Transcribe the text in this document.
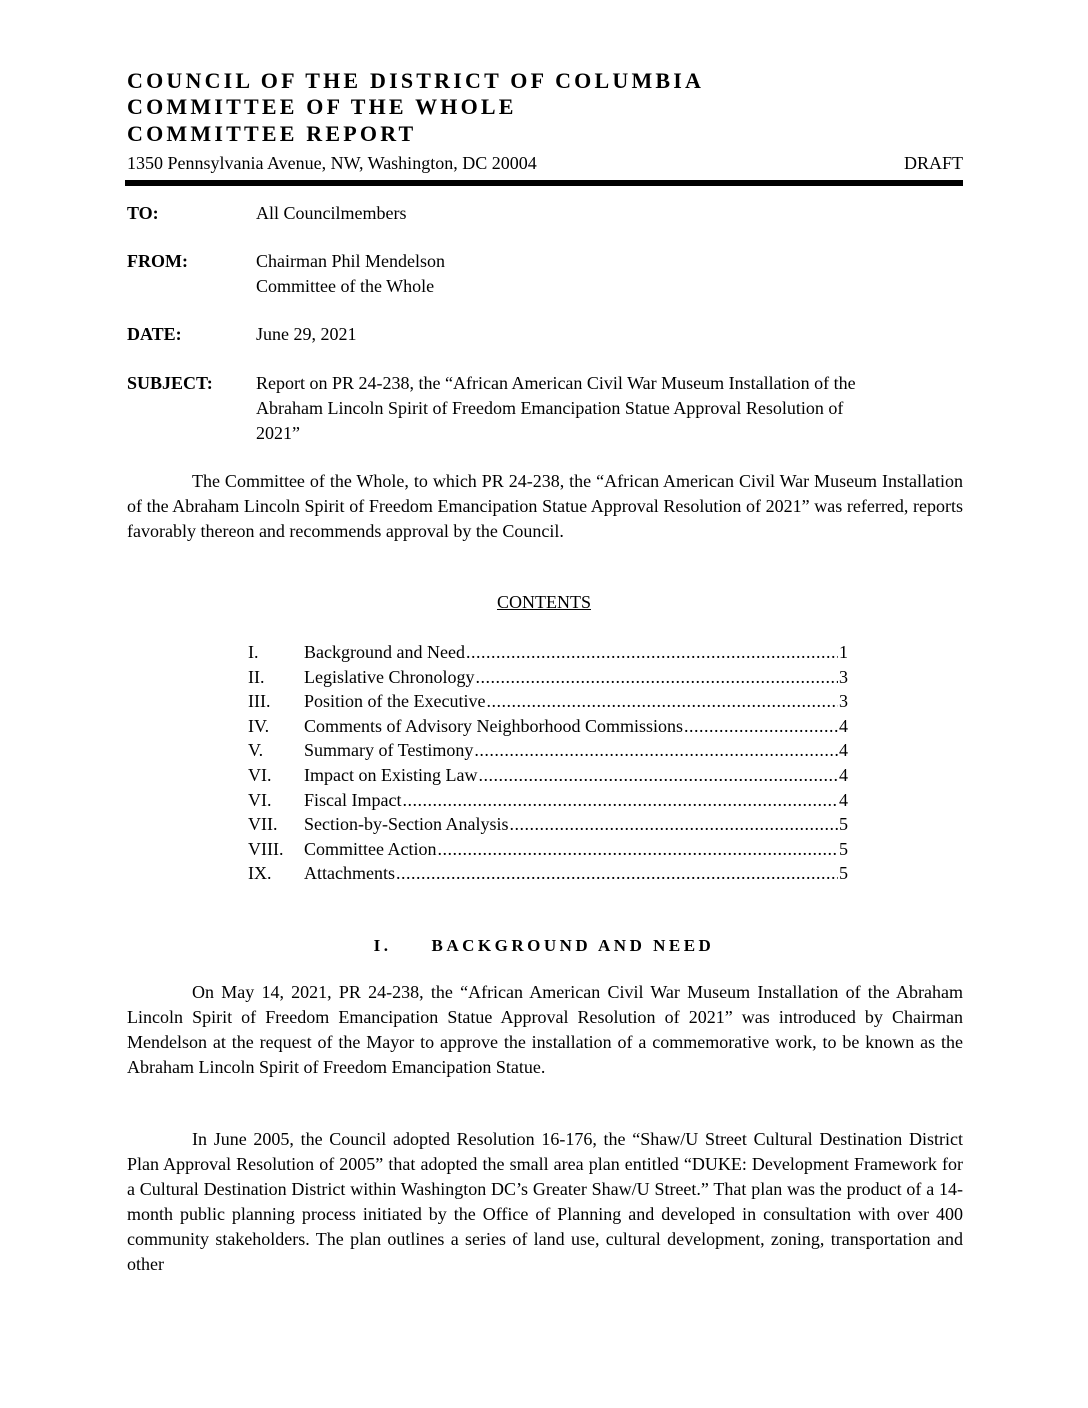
COUNCIL OF THE DISTRICT OF COLUMBIA
COMMITTEE OF THE WHOLE
COMMITTEE REPORT
1350 Pennsylvania Avenue, NW, Washington, DC 20004	DRAFT
TO:	All Councilmembers
FROM:	Chairman Phil Mendelson
Committee of the Whole
DATE:	June 29, 2021
SUBJECT: Report on PR 24-238, the “African American Civil War Museum Installation of the
Abraham Lincoln Spirit of Freedom Emancipation Statue Approval Resolution of
2021”
The Committee of the Whole, to which PR 24-238, the “African American Civil War Museum Installation of the Abraham Lincoln Spirit of Freedom Emancipation Statue Approval Resolution of 2021” was referred, reports favorably thereon and recommends approval by the Council.
CONTENTS
I.	Background and Need .....	1
II.	Legislative Chronology .....	3
III.	Position of the Executive .....	3
IV.	Comments of Advisory Neighborhood Commissions .....	4
V.	Summary of Testimony .....	4
VI.	Impact on Existing Law .....	4
VI.	Fiscal Impact .....	4
VII.	Section-by-Section Analysis .....	5
VIII.	Committee Action .....	5
IX.	Attachments .....	5
I. BACKGROUND AND NEED
On May 14, 2021, PR 24-238, the “African American Civil War Museum Installation of the Abraham Lincoln Spirit of Freedom Emancipation Statue Approval Resolution of 2021” was introduced by Chairman Mendelson at the request of the Mayor to approve the installation of a commemorative work, to be known as the Abraham Lincoln Spirit of Freedom Emancipation Statue.
In June 2005, the Council adopted Resolution 16-176, the “Shaw/U Street Cultural Destination District Plan Approval Resolution of 2005” that adopted the small area plan entitled “DUKE: Development Framework for a Cultural Destination District within Washington DC’s Greater Shaw/U Street.” That plan was the product of a 14-month public planning process initiated by the Office of Planning and developed in consultation with over 400 community stakeholders. The plan outlines a series of land use, cultural development, zoning, transportation and other
